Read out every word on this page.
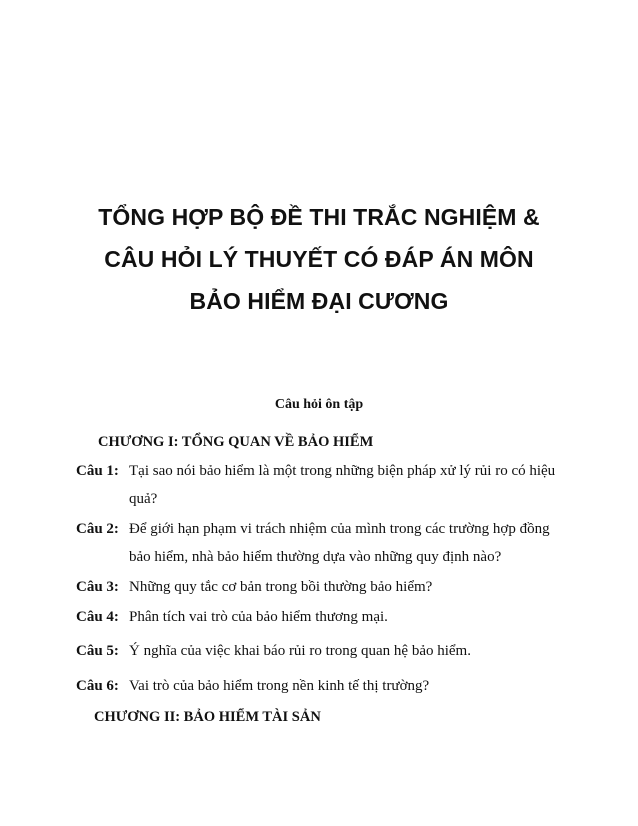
TỔNG HỢP BỘ ĐỀ THI TRẮC NGHIỆM &
CÂU HỎI LÝ THUYẾT CÓ ĐÁP ÁN MÔN
BẢO HIỂM ĐẠI CƯƠNG
Câu hỏi ôn tập
CHƯƠNG I: TỔNG QUAN VỀ BẢO HIỂM
Câu 1: Tại sao nói bảo hiểm là một trong những biện pháp xử lý rủi ro có hiệu quả?
Câu 2: Để giới hạn phạm vi trách nhiệm của mình trong các trường hợp đồng bảo hiểm, nhà bảo hiểm thường dựa vào những quy định nào?
Câu 3: Những quy tắc cơ bản trong bồi thường bảo hiểm?
Câu 4: Phân tích vai trò của bảo hiểm thương mại.
Câu 5: Ý nghĩa của việc khai báo rủi ro trong quan hệ bảo hiểm.
Câu 6: Vai trò của bảo hiểm trong nền kinh tế thị trường?
CHƯƠNG II: BẢO HIỂM TÀI SẢN
